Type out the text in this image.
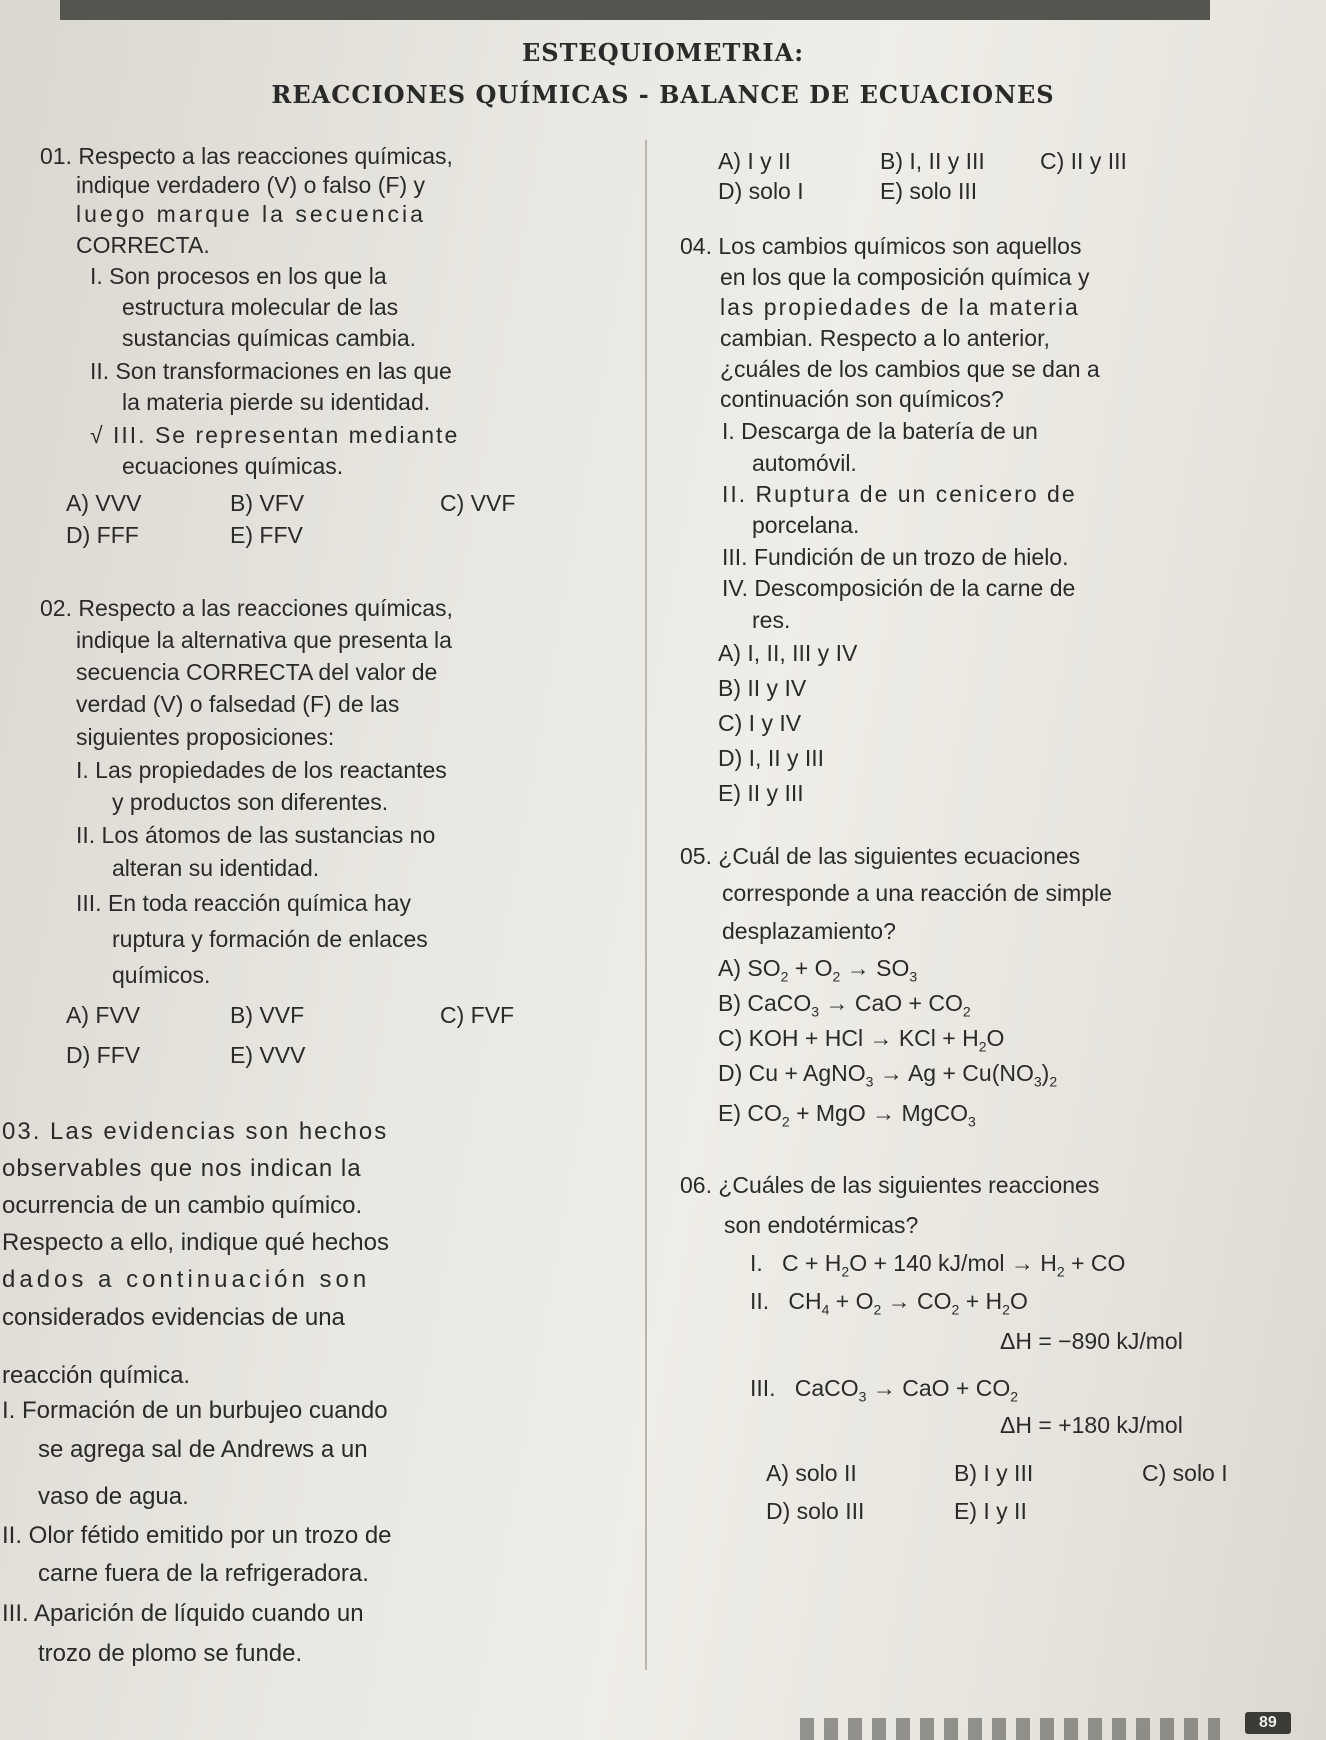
ESTEQUIOMETRIA:
REACCIONES QUÍMICAS - BALANCE DE ECUACIONES
01. Respecto a las reacciones químicas,
indique verdadero (V) o falso (F) y
luego marque la secuencia
CORRECTA.
I. Son procesos en los que la
estructura molecular de las
sustancias químicas cambia.
II. Son transformaciones en las que
la materia pierde su identidad.
√ III. Se representan mediante
ecuaciones químicas.
A) VVV	B) VFV	C) VVF
D) FFF	E) FFV
02. Respecto a las reacciones químicas,
indique la alternativa que presenta la
secuencia CORRECTA del valor de
verdad (V) o falsedad (F) de las
siguientes proposiciones:
I. Las propiedades de los reactantes
y productos son diferentes.
II. Los átomos de las sustancias no
alteran su identidad.
III. En toda reacción química hay
ruptura y formación de enlaces
químicos.
A) FVV	B) VVF	C) FVF
D) FFV	E) VVV
03. Las evidencias son hechos
observables que nos indican la
ocurrencia de un cambio químico.
Respecto a ello, indique qué hechos
dados a continuación son
considerados evidencias de una
reacción química.
I. Formación de un burbujeo cuando
se agrega sal de Andrews a un
vaso de agua.
II. Olor fétido emitido por un trozo de
carne fuera de la refrigeradora.
III. Aparición de líquido cuando un
trozo de plomo se funde.
A) I y II	B) I, II y III C) II y III
D) solo I	E) solo III
04. Los cambios químicos son aquellos
en los que la composición química y
las propiedades de la materia
cambian. Respecto a lo anterior,
¿cuáles de los cambios que se dan a
continuación son químicos?
I. Descarga de la batería de un
automóvil.
II. Ruptura de un cenicero de
porcelana.
III. Fundición de un trozo de hielo.
IV. Descomposición de la carne de
res.
A) I, II, III y IV
B) II y IV
C) I y IV
D) I, II y III
E) II y III
05. ¿Cuál de las siguientes ecuaciones
corresponde a una reacción de simple
desplazamiento?
A) $SO_2 + O_2 \to SO_3$
B) CaCO$_3$ → CaO + $CO_2$
C) KOH + HCl → KCl + $H_2O$
D) Cu + AgNO$_3$ → $Ag + Cu(NO_3)_2$
E) $CO_2$ + MgO → MgCO$_3$
06. ¿Cuáles de las siguientes reacciones
son endotérmicas?
I.   $C + H_2O + 140$ $kJ/mol \to H_2$ + CO
II.   $CH_4 + O_2 \to CO_2 + H_2O$
ΔH = −890 kJ/mol
III.   CaCO$_3$ → CaO + $CO_2$
ΔH = +180 kJ/mol
A) solo II	B) I y III	C) solo I
D) solo III	E) I y II
89
